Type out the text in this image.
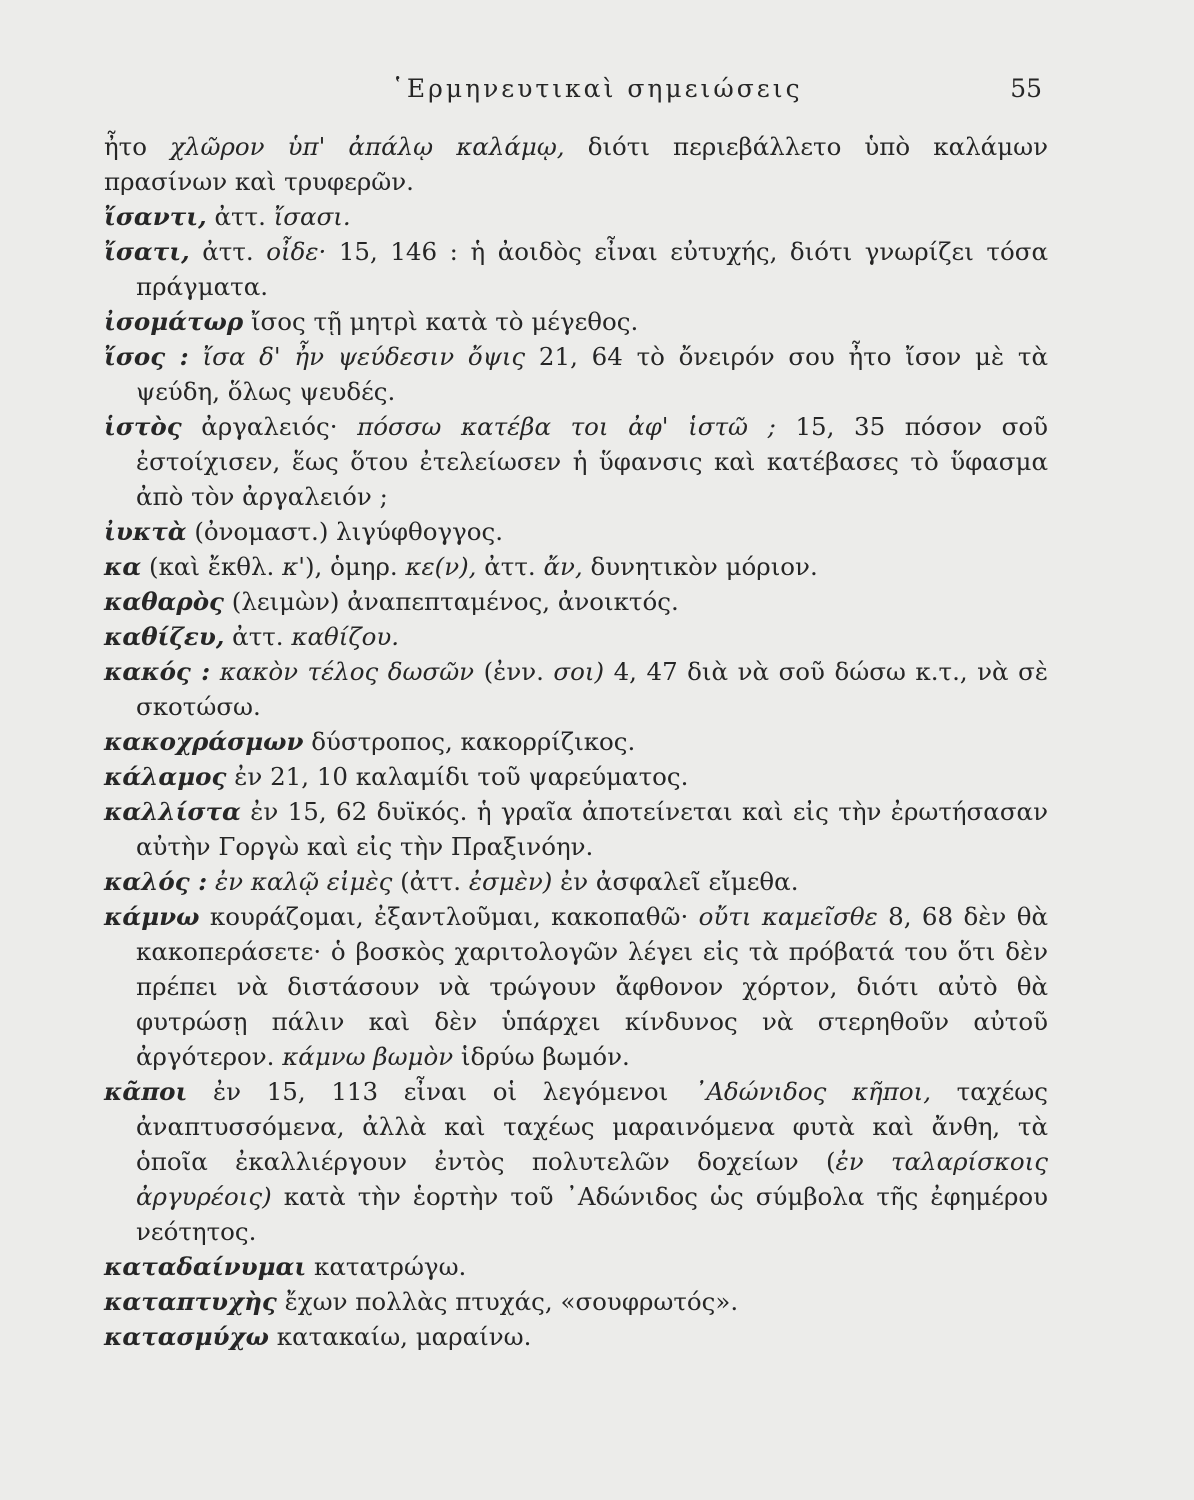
῾Ερμηνευτικαὶ σημειώσεις	55

ἦτο χλῶρον ὑπ' ἀπάλῳ καλάμῳ, διότι περιεβάλλετο ὑπὸ καλάμων πρασίνων καὶ τρυφερῶν.

ἴσαντι, ἀττ. ἴσασι.

ἴσατι, ἀττ. οἶδε· 15, 146 : ἡ ἀοιδὸς εἶναι εὐτυχής, διότι γνωρίζει τόσα πράγματα.

ἰσομάτωρ ἴσος τῇ μητρὶ κατὰ τὸ μέγεθος.

ἴσος : ἴσα δ' ἦν ψεύδεσιν ὄψις 21, 64 τὸ ὄνειρόν σου ἦτο ἴσον μὲ τὰ ψεύδη, ὅλως ψευδές.

ἱστὸς ἀργαλειός· πόσσω κατέβα τοι ἀφ' ἱστῶ ; 15, 35 πόσον σοῦ ἐστοίχισεν, ἕως ὅτου ἐτελείωσεν ἡ ὕφανσις καὶ κατέβασες τὸ ὕφασμα ἀπὸ τὸν ἀργαλειόν ;

ἰυκτὰ (ὀνομαστ.) λιγύφθογγος.

κα (καὶ ἔκθλ. κ'), ὁμηρ. κε(ν), ἀττ. ἄν, δυνητικὸν μόριον.

καθαρὸς (λειμὼν) ἀναπεπταμένος, ἀνοικτός.

καθίζευ, ἀττ. καθίζου.

κακός : κακὸν τέλος δωσῶν (ἐνν. σοι) 4, 47 διὰ νὰ σοῦ δώσω κ.τ., νὰ σὲ σκοτώσω.

κακοχράσμων δύστροπος, κακορρίζικος.

κάλαμος ἐν 21, 10 καλαμίδι τοῦ ψαρεύματος.

καλλίστα ἐν 15, 62 δυϊκός. ἡ γραῖα ἀποτείνεται καὶ εἰς τὴν ἐρωτήσασαν αὐτὴν Γοργὼ καὶ εἰς τὴν Πραξινόην.

καλός : ἐν καλῷ εἰμὲς (ἀττ. ἐσμὲν) ἐν ἀσφαλεῖ εἴμεθα.

κάμνω κουράζομαι, ἐξαντλοῦμαι, κακοπαθῶ· οὔτι καμεῖσθε 8, 68 δὲν θὰ κακοπεράσετε· ὁ βοσκὸς χαριτολογῶν λέγει εἰς τὰ πρόβατά του ὅτι δὲν πρέπει νὰ διστάσουν νὰ τρώγουν ἄφθονον χόρτον, διότι αὐτὸ θὰ φυτρώσῃ πάλιν καὶ δὲν ὑπάρχει κίνδυνος νὰ στερηθοῦν αὐτοῦ ἀργότερον. κάμνω βωμὸν ἱδρύω βωμόν.

κᾶποι ἐν 15, 113 εἶναι οἱ λεγόμενοι ᾿Αδώνιδος κῆποι, ταχέως ἀναπτυσσόμενα, ἀλλὰ καὶ ταχέως μαραινόμενα φυτὰ καὶ ἄνθη, τὰ ὁποῖα ἐκαλλιέργουν ἐντὸς πολυτελῶν δοχείων (ἐν ταλαρίσκοις ἀργυρέοις) κατὰ τὴν ἑορτὴν τοῦ ᾿Αδώνιδος ὡς σύμβολα τῆς ἐφημέρου νεότητος.

καταδαίνυμαι κατατρώγω.

καταπτυχὴς ἔχων πολλὰς πτυχάς, «σουφρωτός».

κατασμύχω κατακαίω, μαραίνω.
